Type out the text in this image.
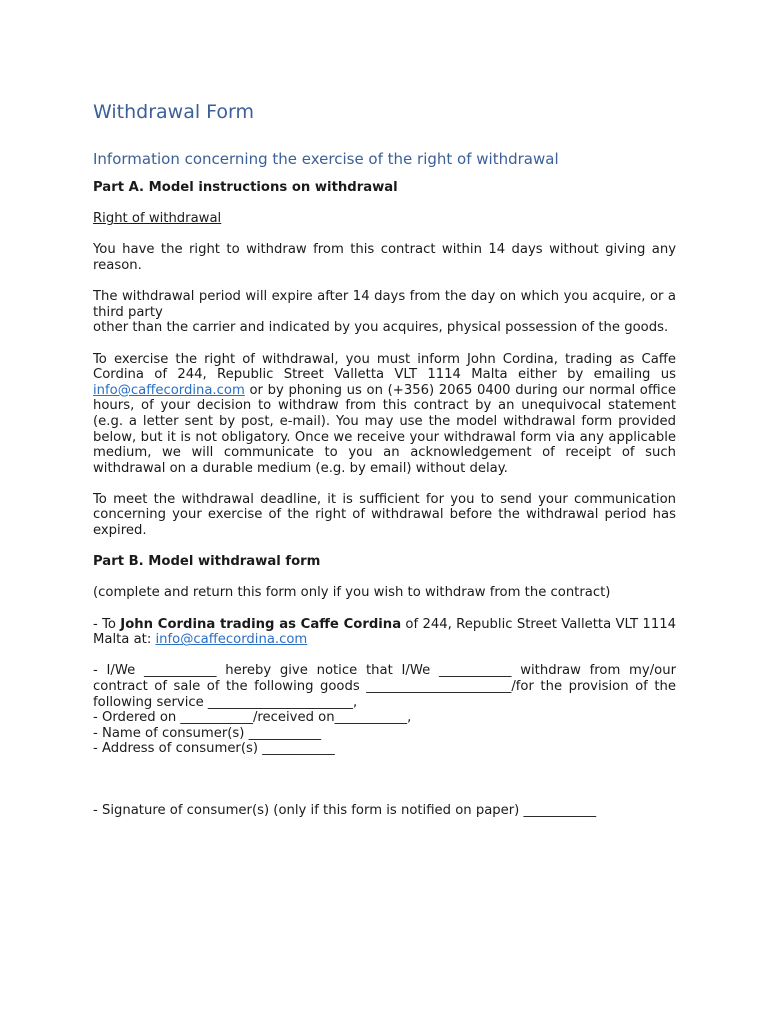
Withdrawal Form
Information concerning the exercise of the right of withdrawal

Part A. Model instructions on withdrawal

Right of withdrawal

You have the right to withdraw from this contract within 14 days without giving any reason.

The withdrawal period will expire after 14 days from the day on which you acquire, or a third party

other than the carrier and indicated by you acquires, physical possession of the goods.

To exercise the right of withdrawal, you must inform John Cordina, trading as Caffe Cordina of 244, Republic Street Valletta VLT 1114 Malta either by emailing us info@caffecordina.com or by phoning us on (+356) 2065 0400 during our normal office hours, of your decision to withdraw from this contract by an unequivocal statement (e.g. a letter sent by post, e-mail). You may use the model withdrawal form provided below, but it is not obligatory. Once we receive your withdrawal form via any applicable medium, we will communicate to you an acknowledgement of receipt of such withdrawal on a durable medium (e.g. by email) without delay.

To meet the withdrawal deadline, it is sufficient for you to send your communication concerning your exercise of the right of withdrawal before the withdrawal period has expired.

Part B. Model withdrawal form

(complete and return this form only if you wish to withdraw from the contract)

- To John Cordina trading as Caffe Cordina of 244, Republic Street Valletta VLT 1114 Malta at: info@caffecordina.com

- I/We ___________ hereby give notice that I/We ___________ withdraw from my/our contract of sale of the following goods ______________________/for the provision of the following service ______________________,

- Ordered on ___________/received on___________,

- Name of consumer(s) ___________

- Address of consumer(s) ___________

- Signature of consumer(s) (only if this form is notified on paper) ___________
